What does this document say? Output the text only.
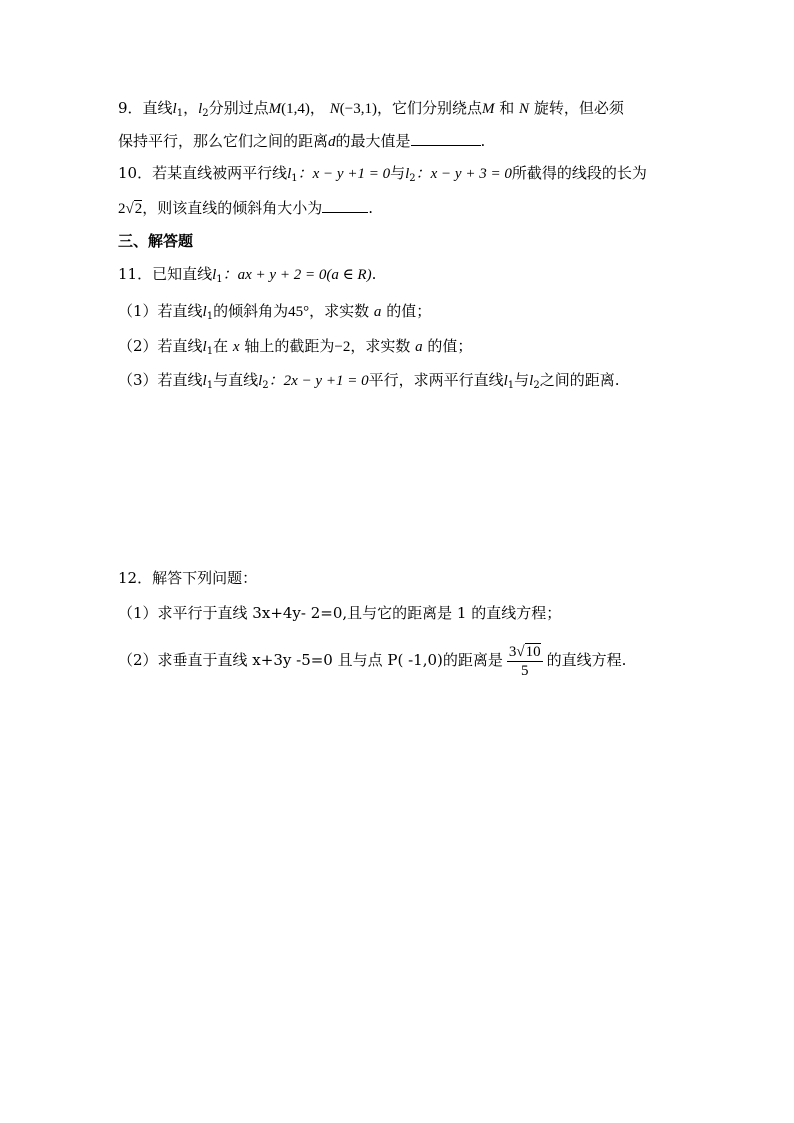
9．直线$l_1$，$l_2$分别过点M(1,4)， N(−3,1)，它们分别绕点M 和 N 旋转，但必须
保持平行，那么它们之间的距离d的最大值是	.
10．若某直线被两平行线$l_1$：x − y +1 = 0与$l_2$：x − y + 3 = 0所截得的线段的长为
2√2，则该直线的倾斜角大小为	.
三、解答题
11．已知直线$l_1$：ax + y + 2 = 0(a ∈ R).
（1）若直线$l_1$的倾斜角为45°，求实数 a 的值；
（2）若直线$l_1$在 x 轴上的截距为−2，求实数 a 的值；
（3）若直线$l_1$与直线$l_2$：2x − y +1 = 0平行，求两平行直线$l_1$与$l_2$之间的距离.
12．解答下列问题：
（1）求平行于直线 3x+4y- 2=0,且与它的距离是 1 的直线方程；
（2）求垂直于直线 x+3y -5=0 且与点 P( -1,0)的距离是 $\frac{3√10}{5}$ 的直线方程.
